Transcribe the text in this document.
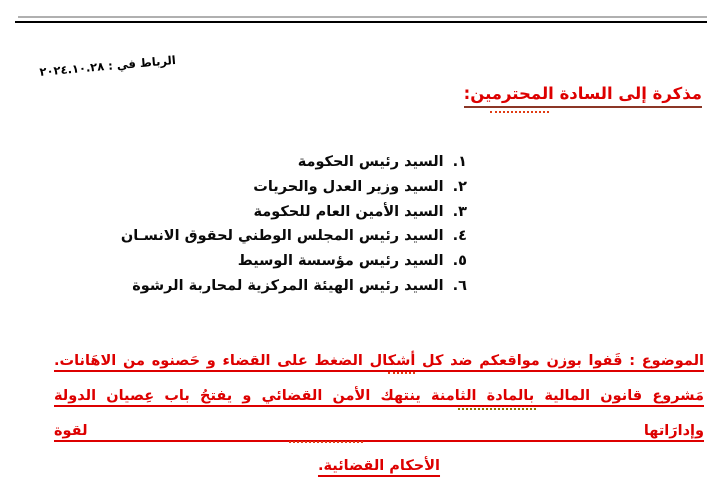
الرباط في : ٢٠٢٤.١٠.٢٨
مذكرة إلى السادة المحترمين:
١.السيد رئيس الحكومة
٢.السيد وزير العدل والحريات
٣.السيد الأمين العام للحكومة
٤.السيد رئيس المجلس الوطني لحقوق الانسـان
٥.السيد رئيس مؤسسة الوسيط
٦.السيد رئيس الهيئة المركزية لمحاربة الرشوة
الموضوع : قَفوا بوزن مواقعكم ضد كل أشكال الضغط على القضاء و حَصنوه من الاهَانات.
مَشروع قانون المالية بالمادة الثامنة ينتهك الأمن القضائي و يفتحُ باب عِصيان الدولة وإدارَاتها لقوة
الأحكام القضائية.
